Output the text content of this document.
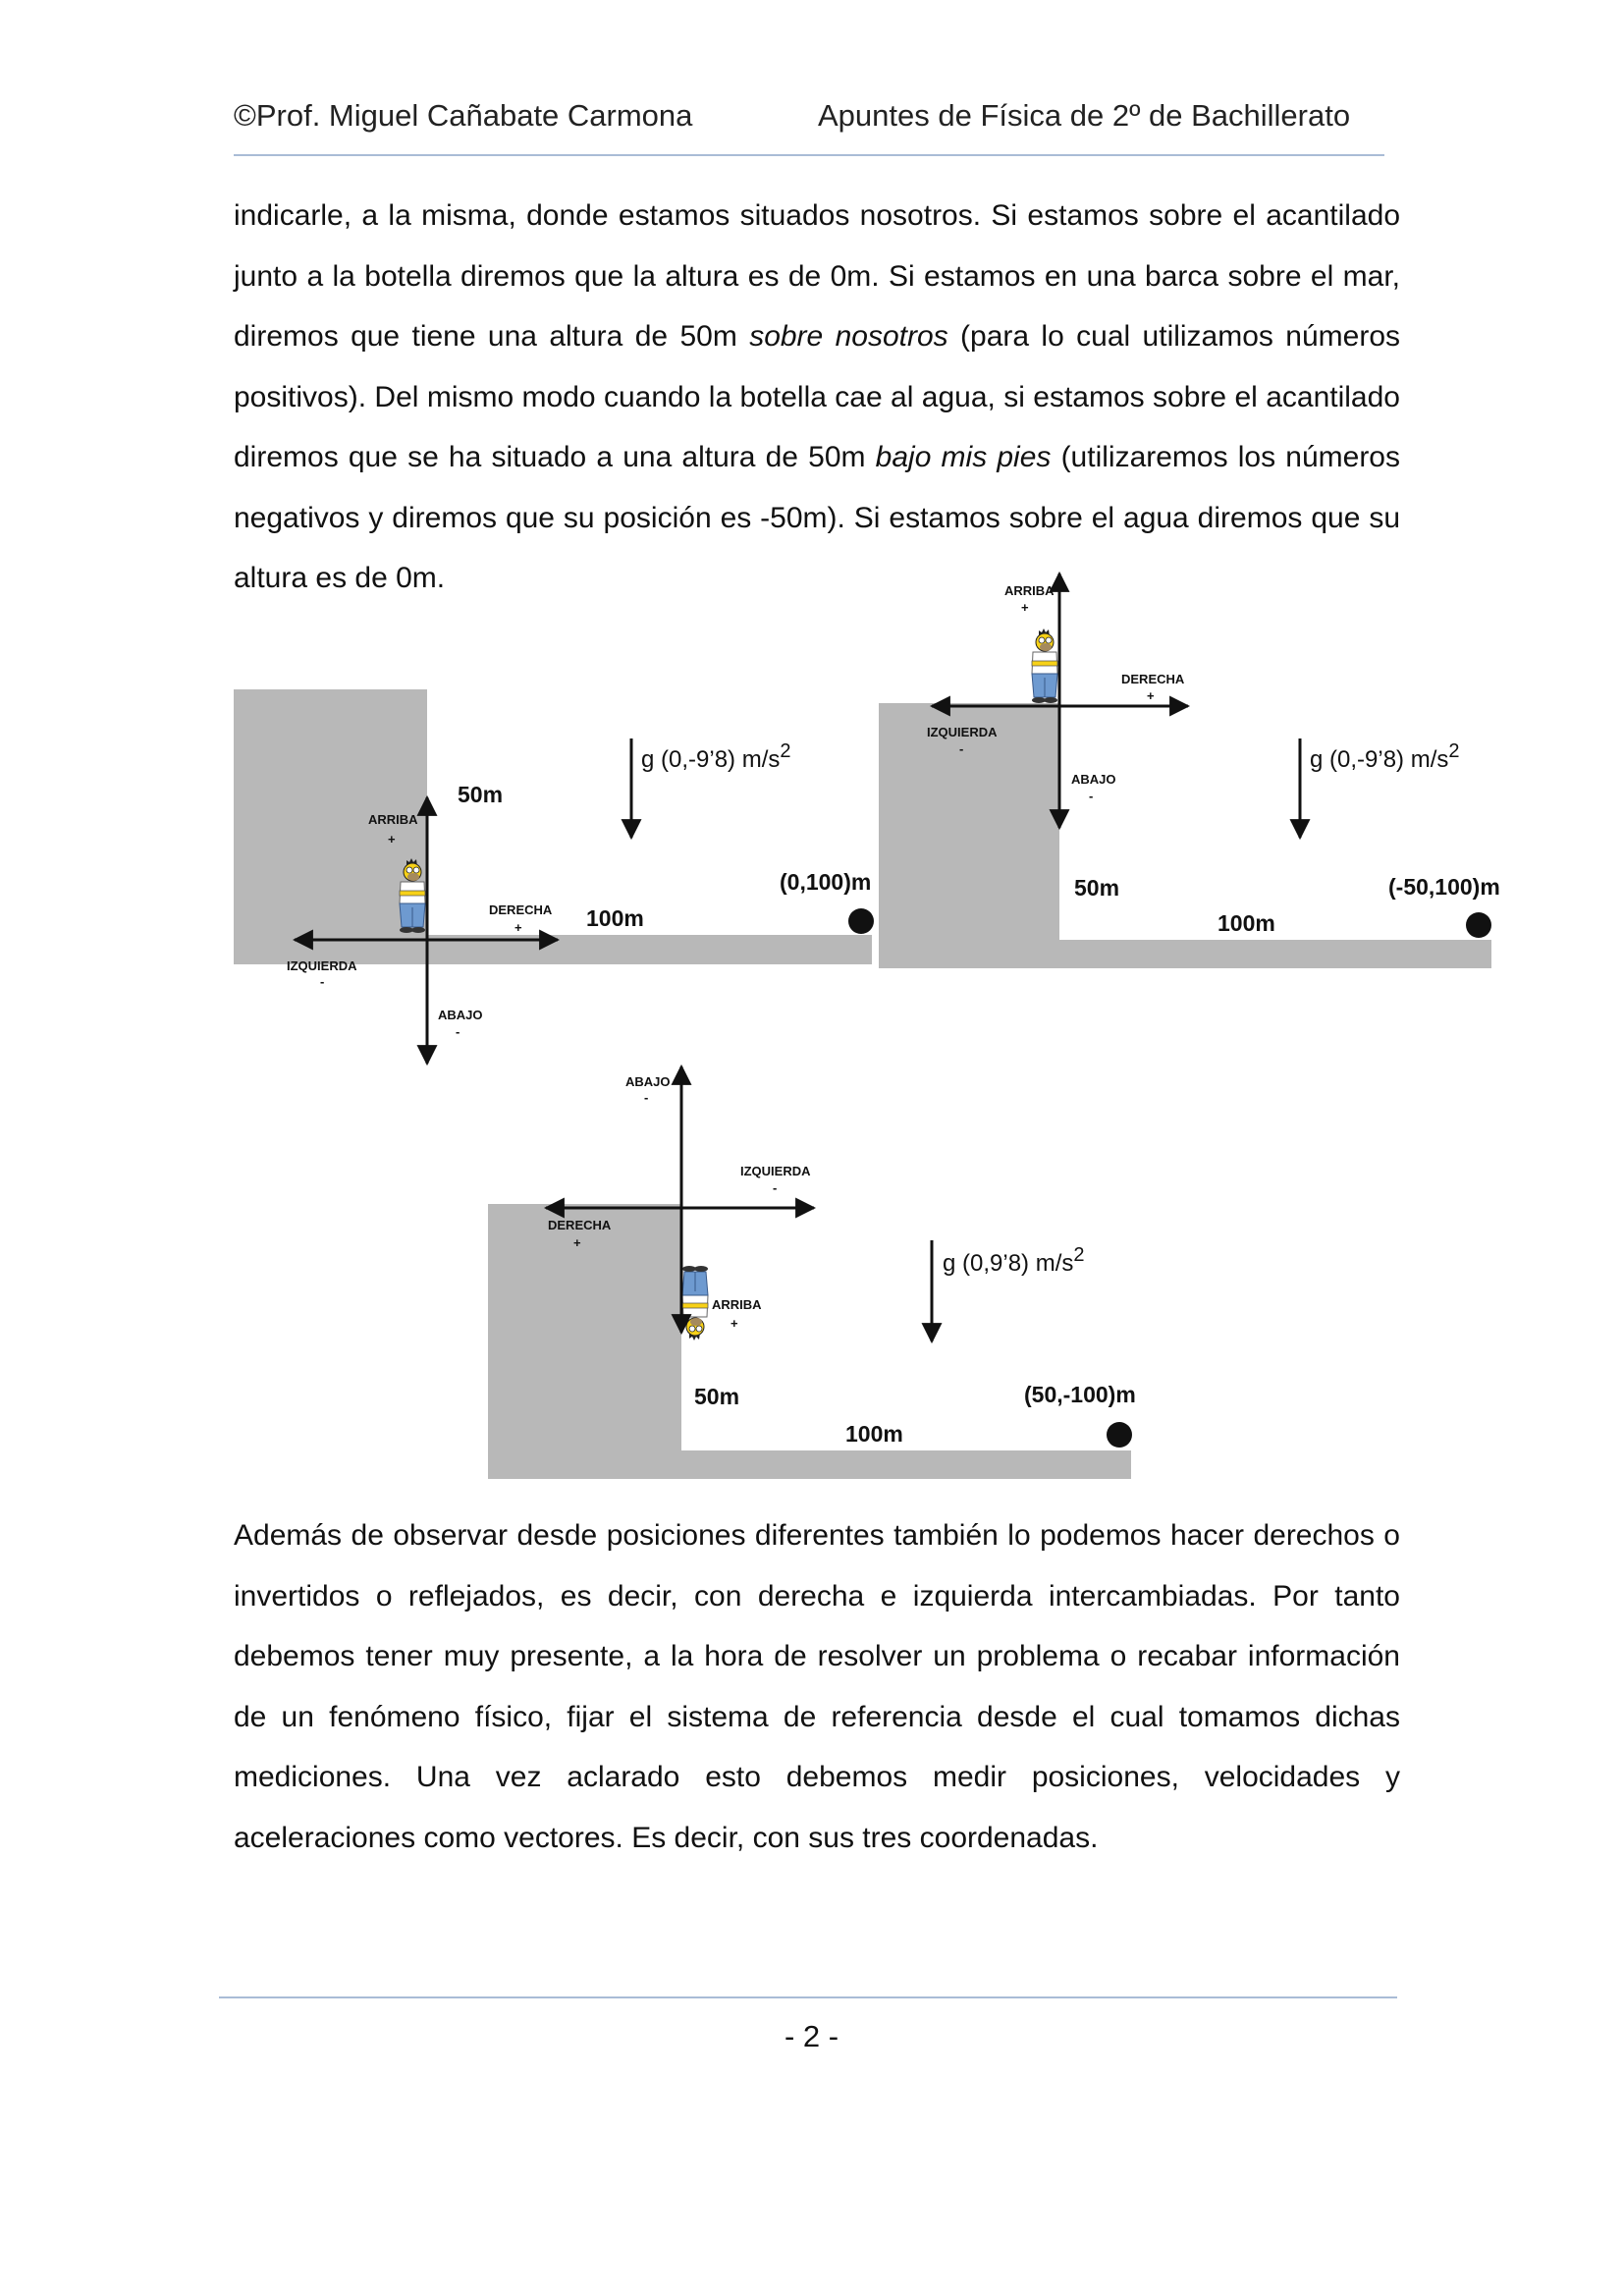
©Prof. Miguel Cañabate Carmona	Apuntes de Física de 2º de Bachillerato

indicarle, a la misma, donde estamos situados nosotros. Si estamos sobre el acantilado junto a la botella diremos que la altura es de 0m. Si estamos en una barca sobre el mar, diremos que tiene una altura de 50m sobre nosotros (para lo cual utilizamos números positivos). Del mismo modo cuando la botella cae al agua, si estamos sobre el acantilado diremos que se ha situado a una altura de 50m bajo mis pies (utilizaremos los números negativos y diremos que su posición es -50m). Si estamos sobre el agua diremos que su altura es de 0m.

ARRIBA
+
ABAJO
-
DERECHA
+
IZQUIERDA
-
50m
100m
g (0,-9’8) $m/s^2$
(0,100)m
ARRIBA
+
ABAJO
-
DERECHA
+
IZQUIERDA
-
50m
100m
g (0,-9’8) $m/s^2$
(-50,100)m
ABAJO
-
IZQUIERDA
-
DERECHA
+
ARRIBA
+
50m
100m
g (0,9’8) $m/s^2$
(50,-100)m

Además de observar desde posiciones diferentes también lo podemos hacer derechos o invertidos o reflejados, es decir, con derecha e izquierda intercambiadas. Por tanto debemos tener muy presente, a la hora de resolver un problema o recabar información de un fenómeno físico, fijar el sistema de referencia desde el cual tomamos dichas mediciones. Una vez aclarado esto debemos medir posiciones, velocidades y aceleraciones como vectores. Es decir, con sus tres coordenadas.

- 2 -
